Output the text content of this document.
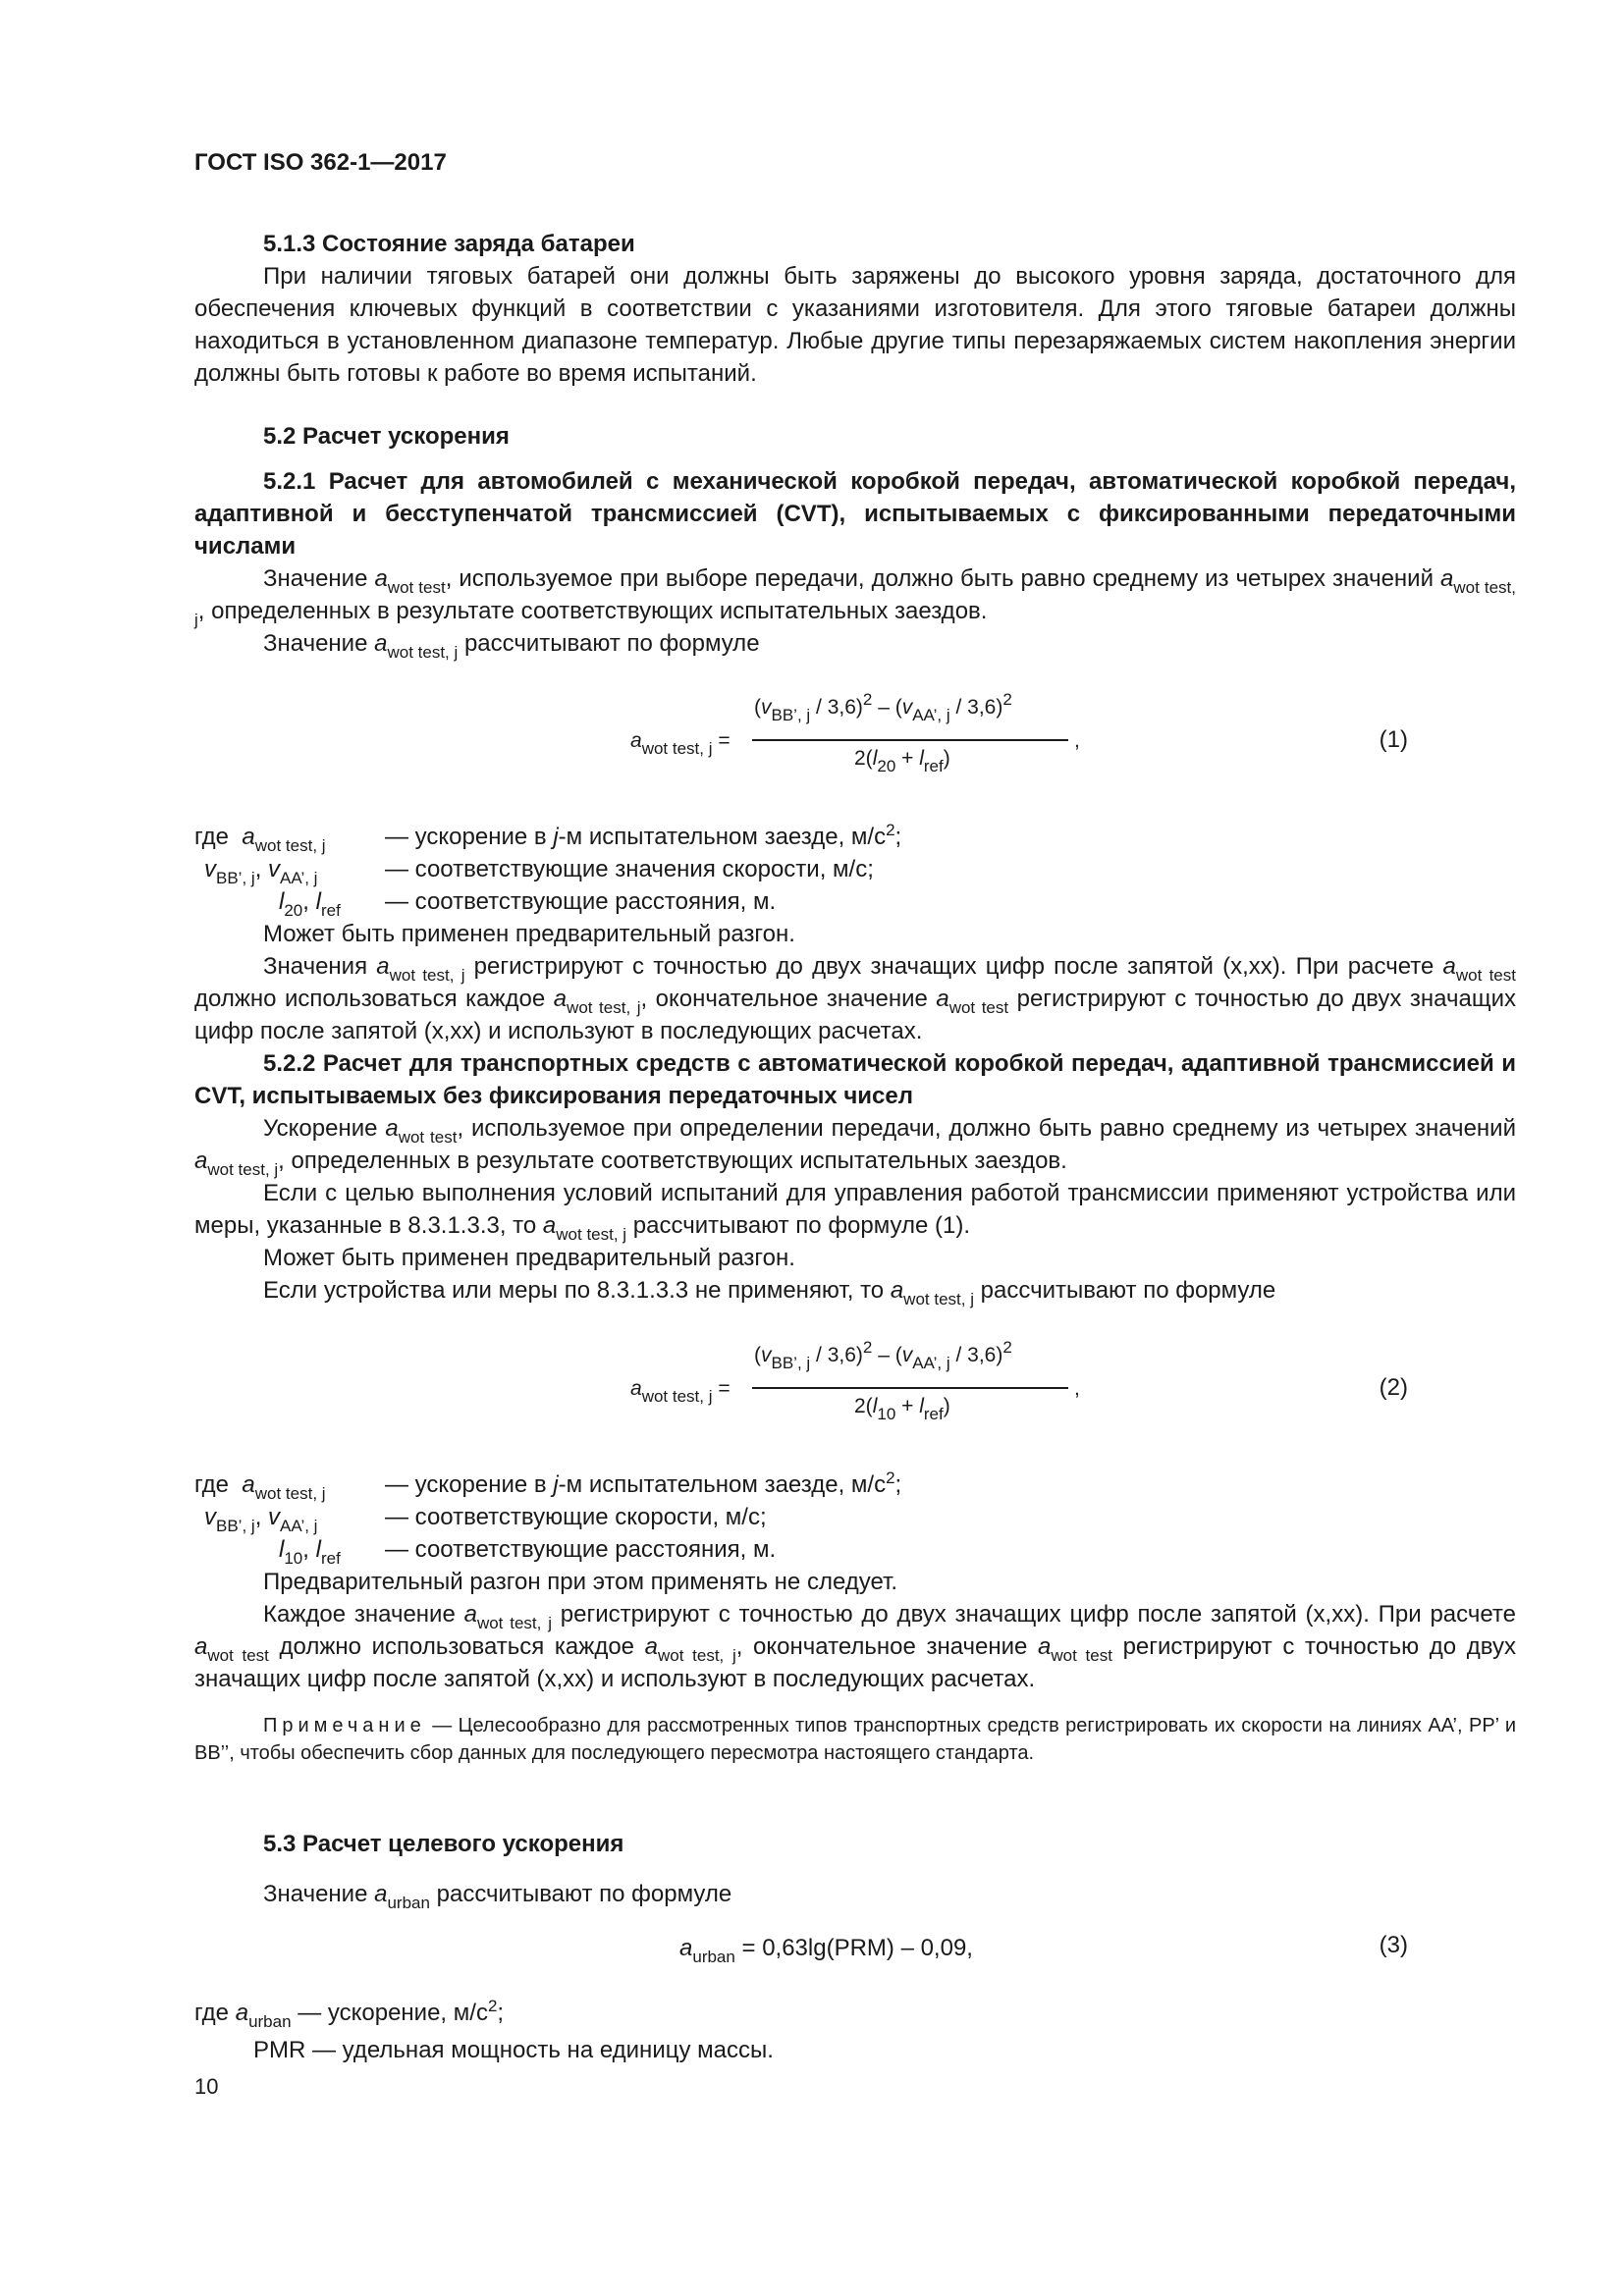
ГОСТ ISO 362-1—2017

5.1.3 Состояние заряда батареи

При наличии тяговых батарей они должны быть заряжены до высокого уровня заряда, достаточного для обеспечения ключевых функций в соответствии с указаниями изготовителя. Для этого тяговые батареи должны находиться в установленном диапазоне температур. Любые другие типы перезаряжаемых систем накопления энергии должны быть готовы к работе во время испытаний.

5.2 Расчет ускорения

5.2.1 Расчет для автомобилей с механической коробкой передач, автоматической коробкой передач, адаптивной и бесступенчатой трансмиссией (CVT), испытываемых с фиксированными передаточными числами

Значение $a_{wot test}$, используемое при выборе передачи, должно быть равно среднему из четырех значений $a_{wot test, j}$, определенных в результате соответствующих испытательных заездов.

Значение $a_{wot test, j}$ рассчитывают по формуле

$a_{wot test, j}$ =
$(v_{BB’, j} / 3,6)^2 - (v_{AA’, j} / 3,6)^2$
$2(l_{20} + l_{ref})$
,	(1)
где $a_{wot test, j}$	— ускорение в j-м испытательном заезде, $м/с^2$;
$v_{BB’, j}$, $v_{AA’, j}$	— соответствующие значения скорости, м/с;
$l_{20}$, $l_{ref}$ — соответствующие расстояния, м.

Может быть применен предварительный разгон.

Значения $a_{wot test, j}$ регистрируют с точностью до двух значащих цифр после запятой (x,xx). При расчете $a_{wot test}$ должно использоваться каждое $a_{wot test, j}$, окончательное значение $a_{wot test}$ регистрируют с точностью до двух значащих цифр после запятой (x,xx) и используют в последующих расчетах.

5.2.2 Расчет для транспортных средств с автоматической коробкой передач, адаптивной трансмиссией и CVT, испытываемых без фиксирования передаточных чисел

Ускорение $a_{wot test}$, используемое при определении передачи, должно быть равно среднему из четырех значений $a_{wot test, j}$, определенных в результате соответствующих испытательных заездов.

Если с целью выполнения условий испытаний для управления работой трансмиссии применяют устройства или меры, указанные в 8.3.1.3.3, то $a_{wot test, j}$ рассчитывают по формуле (1).

Может быть применен предварительный разгон.

Если устройства или меры по 8.3.1.3.3 не применяют, то $a_{wot test, j}$ рассчитывают по формуле

$a_{wot test, j}$ =
$(v_{BB’, j} / 3,6)^2 - (v_{AA’, j} / 3,6)^2$
$2(l_{10} + l_{ref})$
,	(2)
где $a_{wot test, j}$	— ускорение в j-м испытательном заезде, $м/с^2$;
$v_{BB’, j}$, $v_{AA’, j}$	— соответствующие скорости, м/с;
$l_{10}$, $l_{ref}$ — соответствующие расстояния, м.

Предварительный разгон при этом применять не следует.

Каждое значение $a_{wot test, j}$ регистрируют с точностью до двух значащих цифр после запятой (x,xx). При расчете $a_{wot test}$ должно использоваться каждое $a_{wot test, j}$, окончательное значение $a_{wot test}$ регистрируют с точностью до двух значащих цифр после запятой (x,xx) и используют в последующих расчетах.

Примечание — Целесообразно для рассмотренных типов транспортных средств регистрировать их скорости на линиях AA’, PP’ и BB’’, чтобы обеспечить сбор данных для последующего пересмотра настоящего стандарта.

5.3 Расчет целевого ускорения

Значение $a_{urban}$ рассчитывают по формуле

$a_{urban} = 0,63\lg(PRM) - 0,09$,	(3)
где $a_{urban}$ — ускорение, $м/с^2$;
PMR — удельная мощность на единицу массы.
10
